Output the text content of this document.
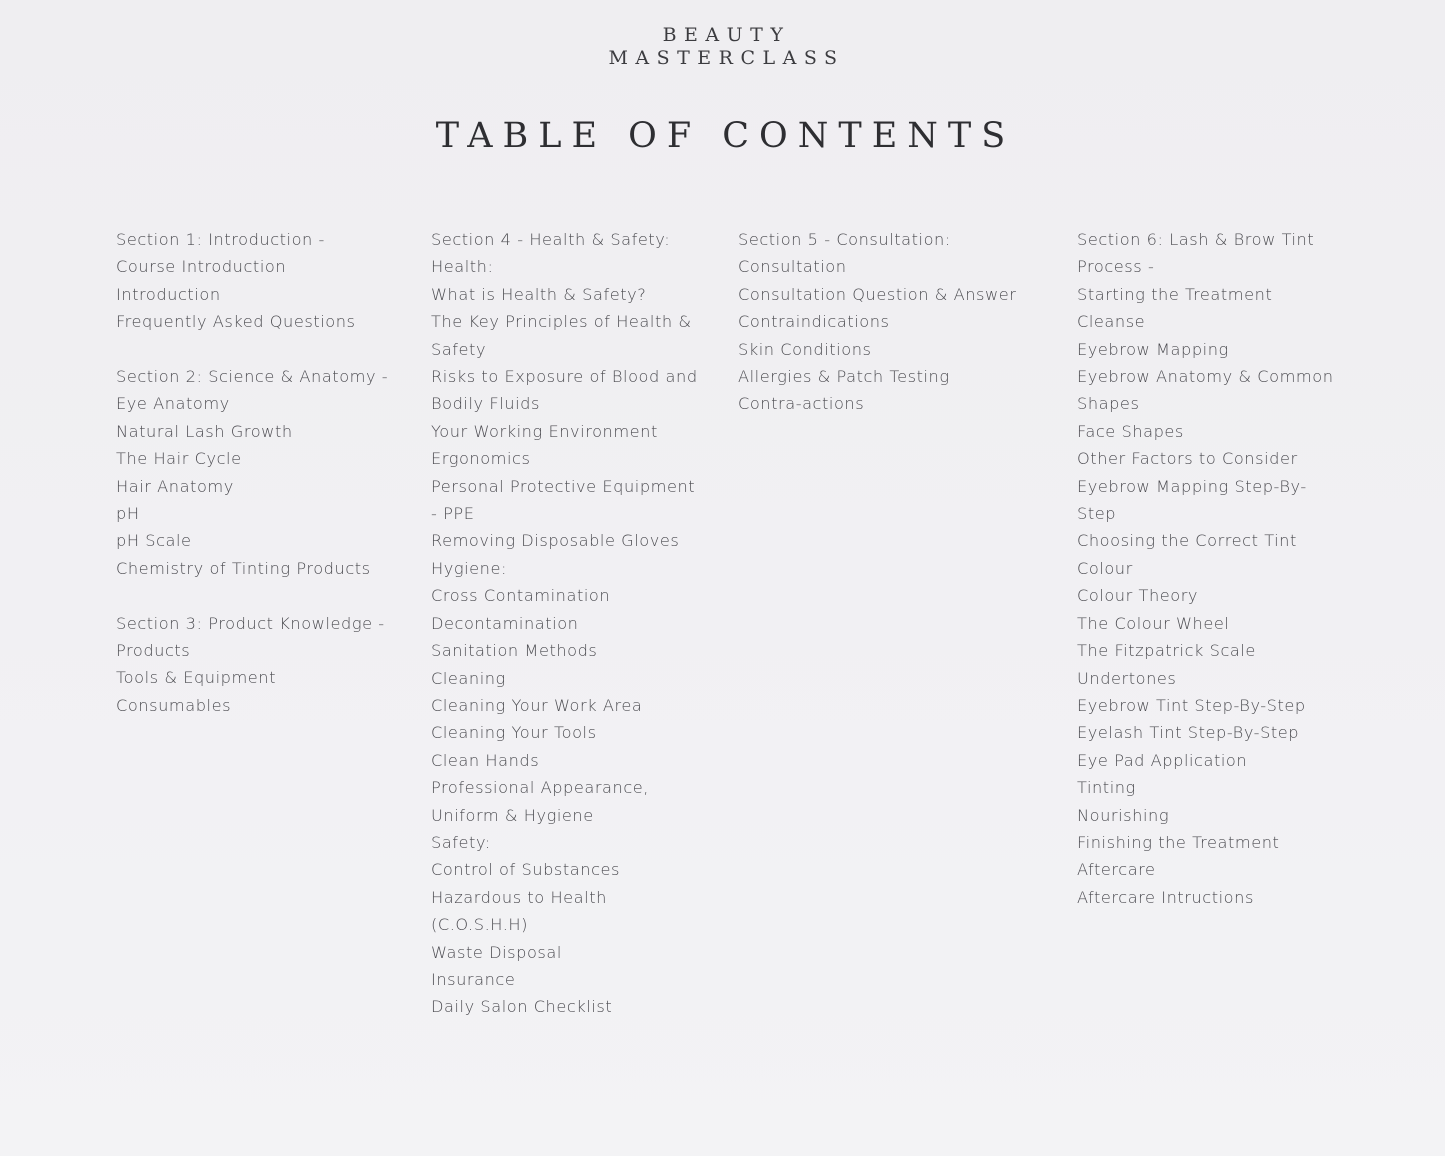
BEAUTY
MASTERCLASS
TABLE OF CONTENTS
Section 1: Introduction -
Course Introduction
Introduction
Frequently Asked Questions
Section 2: Science & Anatomy -
Eye Anatomy
Natural Lash Growth
The Hair Cycle
Hair Anatomy
pH
pH Scale
Chemistry of Tinting Products
Section 3: Product Knowledge -
Products
Tools & Equipment
Consumables
Section 4 - Health & Safety:
Health:
What is Health & Safety?
The Key Principles of Health &
Safety
Risks to Exposure of Blood and
Bodily Fluids
Your Working Environment
Ergonomics
Personal Protective Equipment
- PPE
Removing Disposable Gloves
Hygiene:
Cross Contamination
Decontamination
Sanitation Methods
Cleaning
Cleaning Your Work Area
Cleaning Your Tools
Clean Hands
Professional Appearance,
Uniform & Hygiene
Safety:
Control of Substances
Hazardous to Health
(C.O.S.H.H)
Waste Disposal
Insurance
Daily Salon Checklist
Section 5 - Consultation:
Consultation
Consultation Question & Answer
Contraindications
Skin Conditions
Allergies & Patch Testing
Contra-actions
Section 6: Lash & Brow Tint
Process -
Starting the Treatment
Cleanse
Eyebrow Mapping
Eyebrow Anatomy & Common
Shapes
Face Shapes
Other Factors to Consider
Eyebrow Mapping Step-By-
Step
Choosing the Correct Tint
Colour
Colour Theory
The Colour Wheel
The Fitzpatrick Scale
Undertones
Eyebrow Tint Step-By-Step
Eyelash Tint Step-By-Step
Eye Pad Application
Tinting
Nourishing
Finishing the Treatment
Aftercare
Aftercare Intructions
